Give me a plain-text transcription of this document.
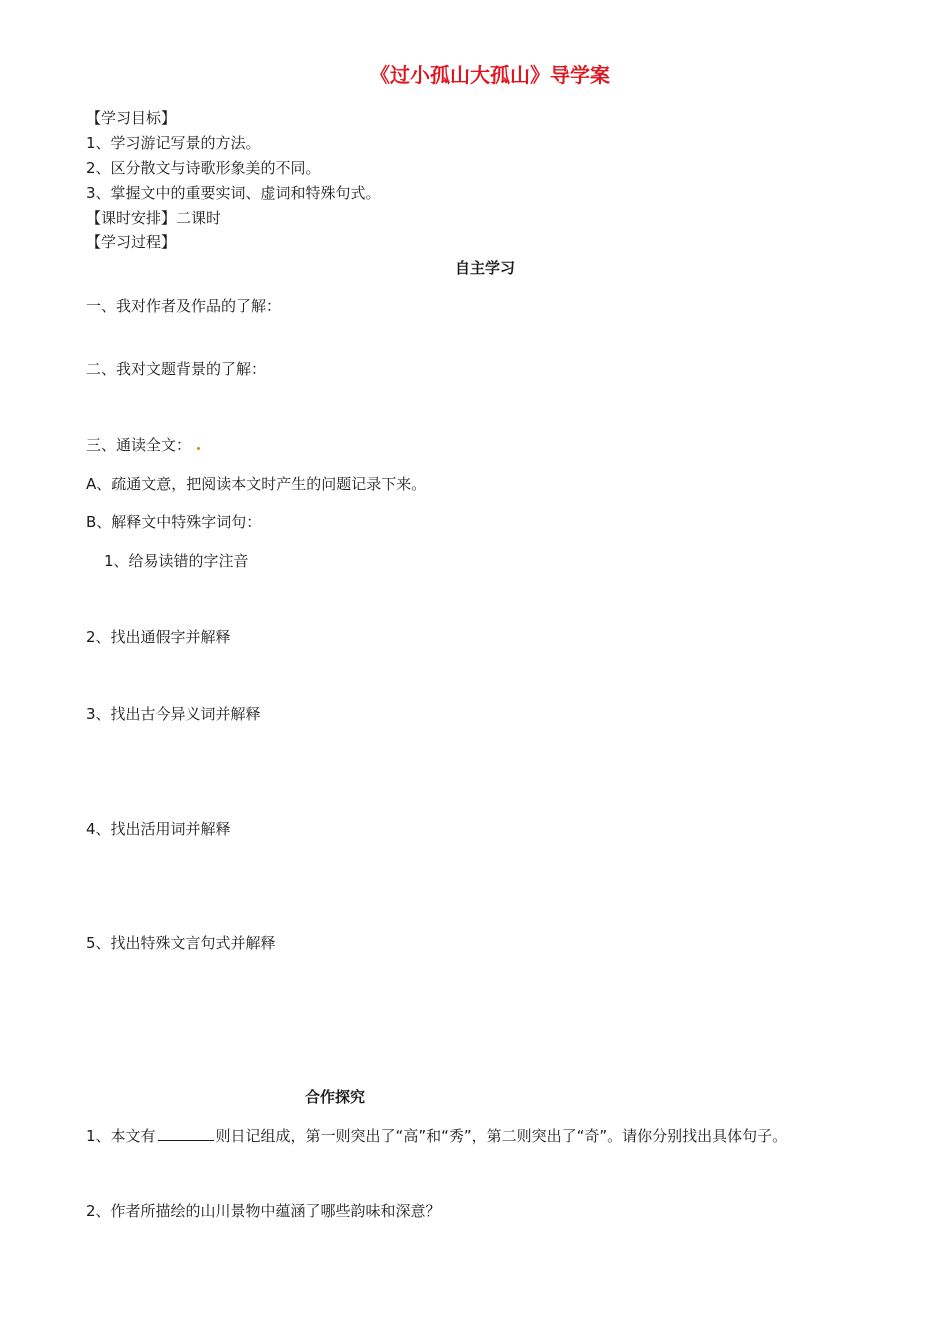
《过小孤山大孤山》导学案
【学习目标】
1、学习游记写景的方法。
2、区分散文与诗歌形象美的不同。
3、掌握文中的重要实词、虚词和特殊句式。
【课时安排】二课时
【学习过程】
自主学习
一、我对作者及作品的了解：
二、我对文题背景的了解：
三、通读全文：
A、疏通文意，把阅读本文时产生的问题记录下来。
B、解释文中特殊字词句：
1、给易读错的字注音
2、找出通假字并解释
3、找出古今异义词并解释
4、找出活用词并解释
5、找出特殊文言句式并解释
合作探究
1、本文有	则日记组成，第一则突出了“高”和“秀”，第二则突出了“奇”。请你分别找出具体句子。
2、作者所描绘的山川景物中蕴涵了哪些韵味和深意？
